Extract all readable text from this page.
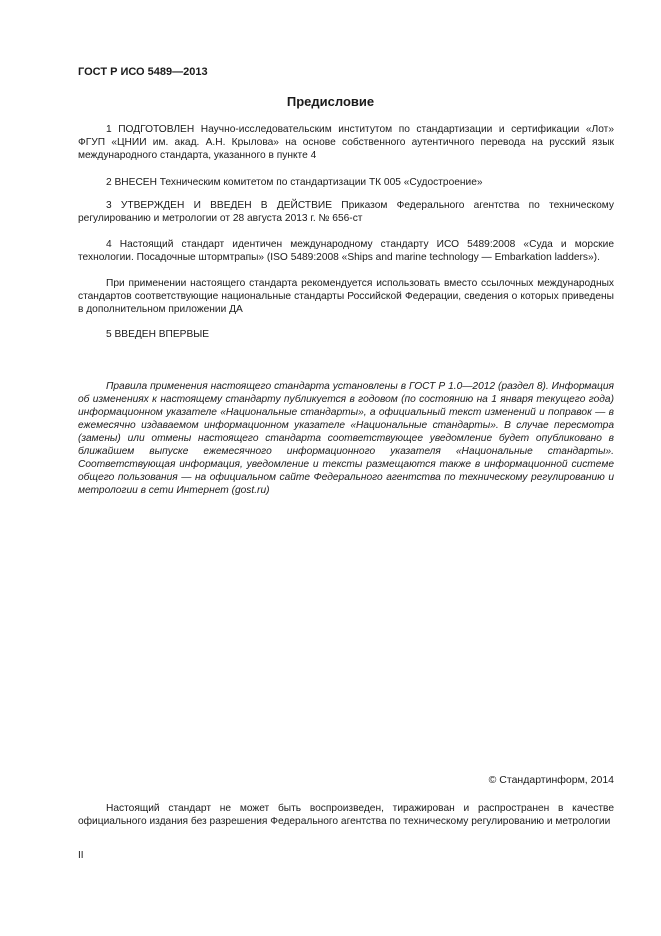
ГОСТ Р ИСО 5489—2013
Предисловие

1 ПОДГОТОВЛЕН Научно-исследовательским институтом по стандартизации и сертификации «Лот» ФГУП «ЦНИИ им. акад. А.Н. Крылова» на основе собственного аутентичного перевода на русский язык международного стандарта, указанного в пункте 4

2 ВНЕСЕН Техническим комитетом по стандартизации ТК 005 «Судостроение»

3 УТВЕРЖДЕН И ВВЕДЕН В ДЕЙСТВИЕ Приказом Федерального агентства по техническому регулированию и метрологии от 28 августа 2013 г. № 656-ст

4 Настоящий стандарт идентичен международному стандарту ИСО 5489:2008 «Суда и морские технологии. Посадочные штормтрапы» (ISO 5489:2008 «Ships and marine technology — Embarkation ladders»).

При применении настоящего стандарта рекомендуется использовать вместо ссылочных международных стандартов соответствующие национальные стандарты Российской Федерации, сведения о которых приведены в дополнительном приложении ДА

5 ВВЕДЕН ВПЕРВЫЕ

Правила применения настоящего стандарта установлены в ГОСТ Р 1.0—2012 (раздел 8). Информация об изменениях к настоящему стандарту публикуется в годовом (по состоянию на 1 января текущего года) информационном указателе «Национальные стандарты», а официальный текст изменений и поправок — в ежемесячно издаваемом информационном указателе «Национальные стандарты». В случае пересмотра (замены) или отмены настоящего стандарта соответствующее уведомление будет опубликовано в ближайшем выпуске ежемесячного информационного указателя «Национальные стандарты». Соответствующая информация, уведомление и тексты размещаются также в информационной системе общего пользования — на официальном сайте Федерального агентства по техническому регулированию и метрологии в сети Интернет (gost.ru)

© Стандартинформ, 2014

Настоящий стандарт не может быть воспроизведен, тиражирован и распространен в качестве официального издания без разрешения Федерального агентства по техническому регулированию и метрологии

II
